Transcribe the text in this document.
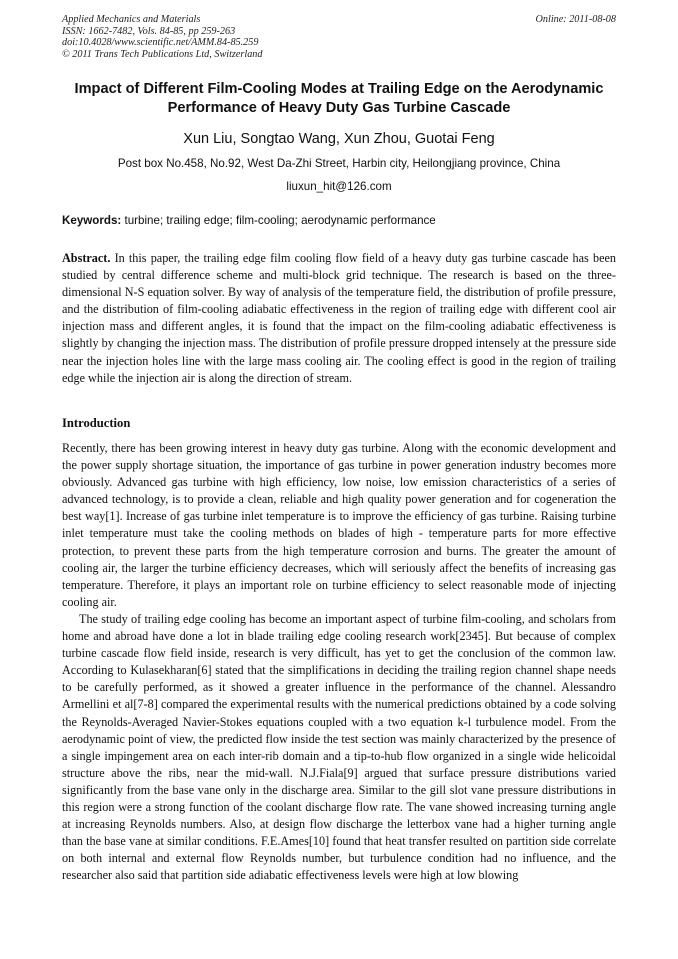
Applied Mechanics and Materials
ISSN: 1662-7482, Vols. 84-85, pp 259-263
doi:10.4028/www.scientific.net/AMM.84-85.259
© 2011 Trans Tech Publications Ltd, Switzerland
Online: 2011-08-08
Impact of Different Film-Cooling Modes at Trailing Edge on the Aerodynamic Performance of Heavy Duty Gas Turbine Cascade
Xun Liu, Songtao Wang, Xun Zhou, Guotai Feng
Post box No.458, No.92, West Da-Zhi Street, Harbin city, Heilongjiang province, China
liuxun_hit@126.com
Keywords: turbine; trailing edge; film-cooling; aerodynamic performance
Abstract. In this paper, the trailing edge film cooling flow field of a heavy duty gas turbine cascade has been studied by central difference scheme and multi-block grid technique. The research is based on the three-dimensional N-S equation solver. By way of analysis of the temperature field, the distribution of profile pressure, and the distribution of film-cooling adiabatic effectiveness in the region of trailing edge with different cool air injection mass and different angles, it is found that the impact on the film-cooling adiabatic effectiveness is slightly by changing the injection mass. The distribution of profile pressure dropped intensely at the pressure side near the injection holes line with the large mass cooling air. The cooling effect is good in the region of trailing edge while the injection air is along the direction of stream.
Introduction

Recently, there has been growing interest in heavy duty gas turbine. Along with the economic development and the power supply shortage situation, the importance of gas turbine in power generation industry becomes more obviously. Advanced gas turbine with high efficiency, low noise, low emission characteristics of a series of advanced technology, is to provide a clean, reliable and high quality power generation and for cogeneration the best way[1]. Increase of gas turbine inlet temperature is to improve the efficiency of gas turbine. Raising turbine inlet temperature must take the cooling methods on blades of high - temperature parts for more effective protection, to prevent these parts from the high temperature corrosion and burns. The greater the amount of cooling air, the larger the turbine efficiency decreases, which will seriously affect the benefits of increasing gas temperature. Therefore, it plays an important role on turbine efficiency to select reasonable mode of injecting cooling air.

The study of trailing edge cooling has become an important aspect of turbine film-cooling, and scholars from home and abroad have done a lot in blade trailing edge cooling research work[2345]. But because of complex turbine cascade flow field inside, research is very difficult, has yet to get the conclusion of the common law. According to Kulasekharan[6] stated that the simplifications in deciding the trailing region channel shape needs to be carefully performed, as it showed a greater influence in the performance of the channel. Alessandro Armellini et al[7-8] compared the experimental results with the numerical predictions obtained by a code solving the Reynolds-Averaged Navier-Stokes equations coupled with a two equation k-l turbulence model. From the aerodynamic point of view, the predicted flow inside the test section was mainly characterized by the presence of a single impingement area on each inter-rib domain and a tip-to-hub flow organized in a single wide helicoidal structure above the ribs, near the mid-wall. N.J.Fiala[9] argued that surface pressure distributions varied significantly from the base vane only in the discharge area. Similar to the gill slot vane pressure distributions in this region were a strong function of the coolant discharge flow rate. The vane showed increasing turning angle at increasing Reynolds numbers. Also, at design flow discharge the letterbox vane had a higher turning angle than the base vane at similar conditions. F.E.Ames[10] found that heat transfer resulted on partition side correlate on both internal and external flow Reynolds number, but turbulence condition had no influence, and the researcher also said that partition side adiabatic effectiveness levels were high at low blowing
